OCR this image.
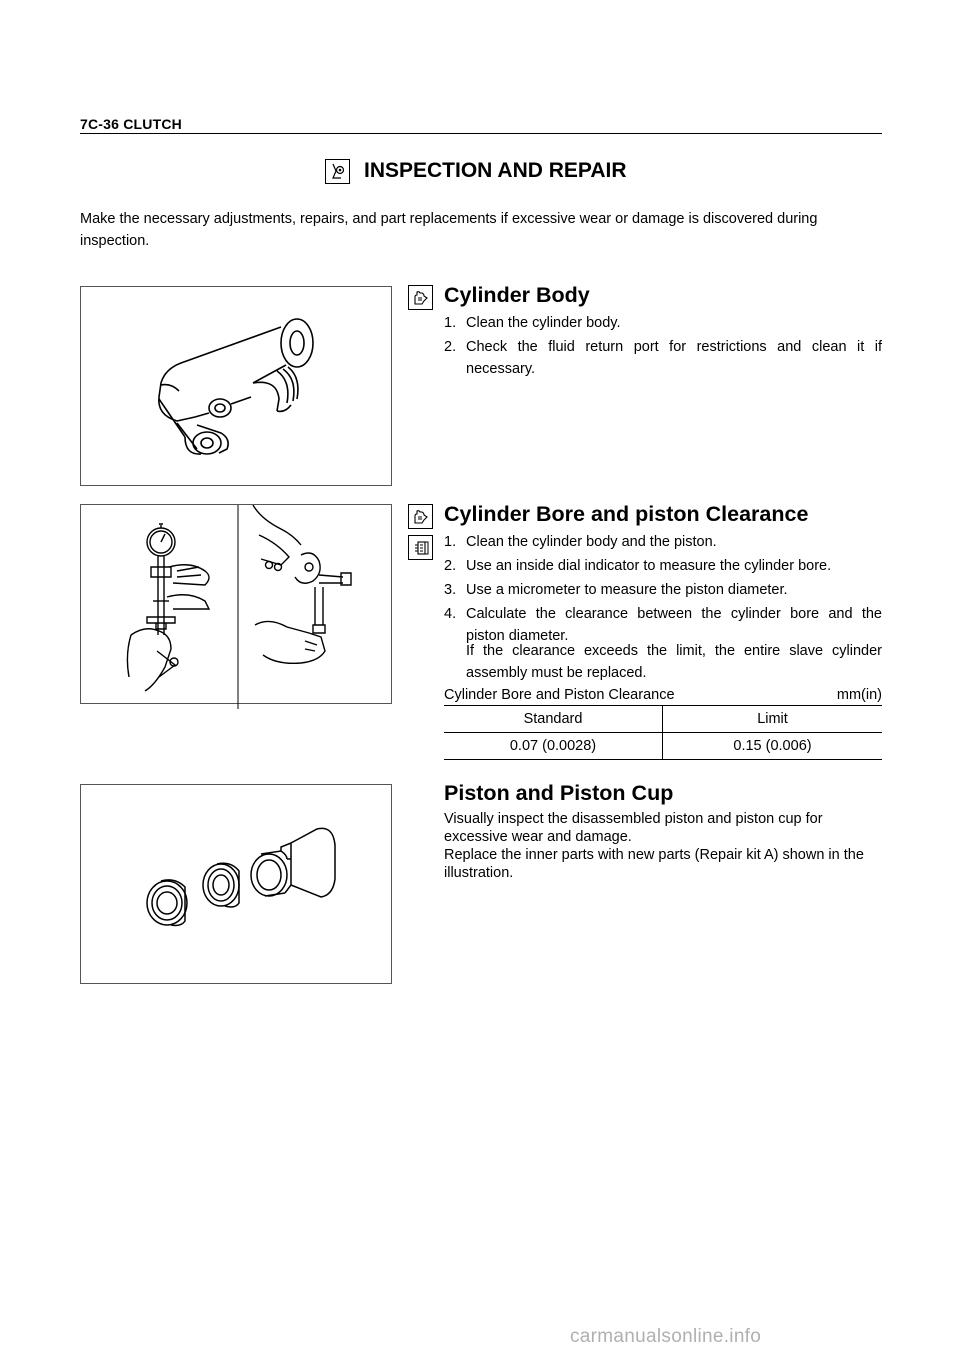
7C-36 CLUTCH
INSPECTION AND REPAIR
Make the necessary adjustments, repairs, and part replacements if excessive wear or damage is discovered during inspection.
Cylinder Body
1. Clean the cylinder body.
2. Check the fluid return port for restrictions and clean it if necessary.
Cylinder Bore and piston Clearance
1. Clean the cylinder body and the piston.
2. Use an inside dial indicator to measure the cylinder bore.
3. Use a micrometer to measure the piston diameter.
4. Calculate the clearance between the cylinder bore and the piston diameter.
If the clearance exceeds the limit, the entire slave cylinder assembly must be replaced.
Cylinder Bore and Piston Clearance	mm(in)
Standard	Limit
0.07 (0.0028)	0.15 (0.006)
Piston and Piston Cup
Visually inspect the disassembled piston and piston cup for excessive wear and damage.
Replace the inner parts with new parts (Repair kit A) shown in the illustration.
carmanualsonline.info
